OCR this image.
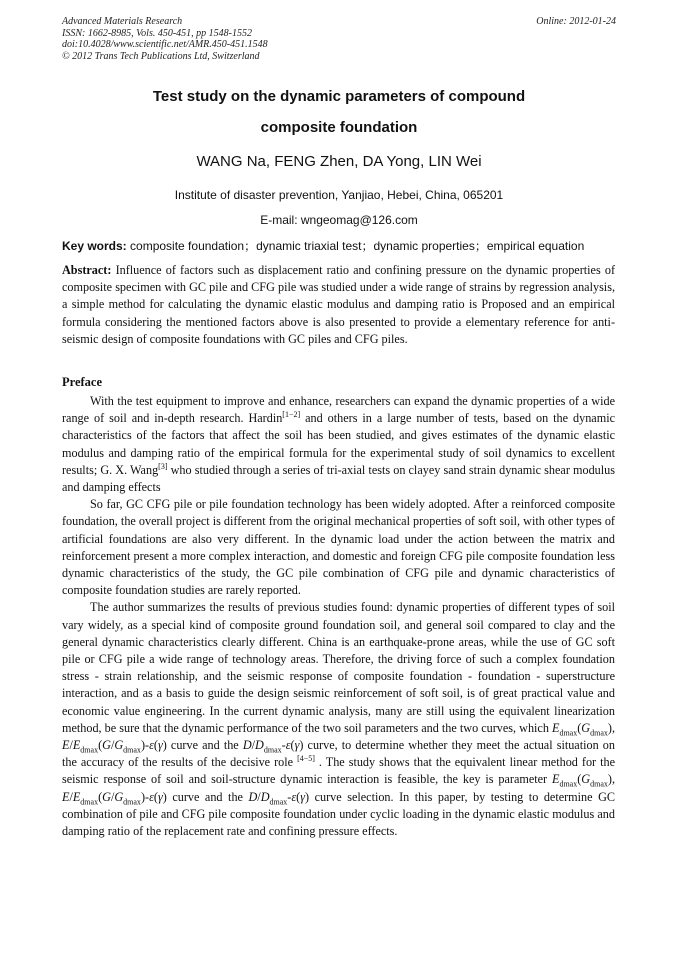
Advanced Materials Research
ISSN: 1662-8985, Vols. 450-451, pp 1548-1552
doi:10.4028/www.scientific.net/AMR.450-451.1548
© 2012 Trans Tech Publications Ltd, Switzerland
Online: 2012-01-24
Test study on the dynamic parameters of compound
composite foundation
WANG Na, FENG Zhen, DA Yong, LIN Wei
Institute of disaster prevention, Yanjiao, Hebei, China, 065201
E-mail: wngeomag@126.com
Key words: composite foundation；dynamic triaxial test；dynamic properties；empirical equation
Abstract: Influence of factors such as displacement ratio and confining pressure on the dynamic properties of composite specimen with GC pile and CFG pile was studied under a wide range of strains by regression analysis, a simple method for calculating the dynamic elastic modulus and damping ratio is Proposed and an empirical formula considering the mentioned factors above is also presented to provide a elementary reference for anti-seismic design of composite foundations with GC piles and CFG piles.
Preface

With the test equipment to improve and enhance, researchers can expand the dynamic properties of a wide range of soil and in-depth research. Hardin[1−2] and others in a large number of tests, based on the dynamic characteristics of the factors that affect the soil has been studied, and gives estimates of the dynamic elastic modulus and damping ratio of the empirical formula for the experimental study of soil dynamics to excellent results; G. X. Wang[3] who studied through a series of tri-axial tests on clayey sand strain dynamic shear modulus and damping effects

So far, GC CFG pile or pile foundation technology has been widely adopted. After a reinforced composite foundation, the overall project is different from the original mechanical properties of soft soil, with other types of artificial foundations are also very different. In the dynamic load under the action between the matrix and reinforcement present a more complex interaction, and domestic and foreign CFG pile composite foundation less dynamic characteristics of the study, the GC pile combination of CFG pile and dynamic characteristics of composite foundation studies are rarely reported.

The author summarizes the results of previous studies found: dynamic properties of different types of soil vary widely, as a special kind of composite ground foundation soil, and general soil compared to clay and the general dynamic characteristics clearly different. China is an earthquake-prone areas, while the use of GC soft pile or CFG pile a wide range of technology areas. Therefore, the driving force of such a complex foundation stress - strain relationship, and the seismic response of composite foundation - foundation - superstructure interaction, and as a basis to guide the design seismic reinforcement of soft soil, is of great practical value and economic value engineering. In the current dynamic analysis, many are still using the equivalent linearization method, be sure that the dynamic performance of the two soil parameters and the two curves, which $E_{dmax}(G_{dmax})$, $E/E_{dmax}(G/G_{dmax})-\varepsilon(\gamma)$ curve and the $D/D_{dmax}-\varepsilon(\gamma)$ curve, to determine whether they meet the actual situation on the accuracy of the results of the decisive role [4−5] . The study shows that the equivalent linear method for the seismic response of soil and soil-structure dynamic interaction is feasible, the key is parameter $E_{dmax}(G_{dmax})$, $E/E_{dmax}(G/G_{dmax})-\varepsilon(\gamma)$ curve and the $D/D_{dmax}-\varepsilon(\gamma)$ curve selection. In this paper, by testing to determine GC combination of pile and CFG pile composite foundation under cyclic loading in the dynamic elastic modulus and damping ratio of the replacement rate and confining pressure effects.
